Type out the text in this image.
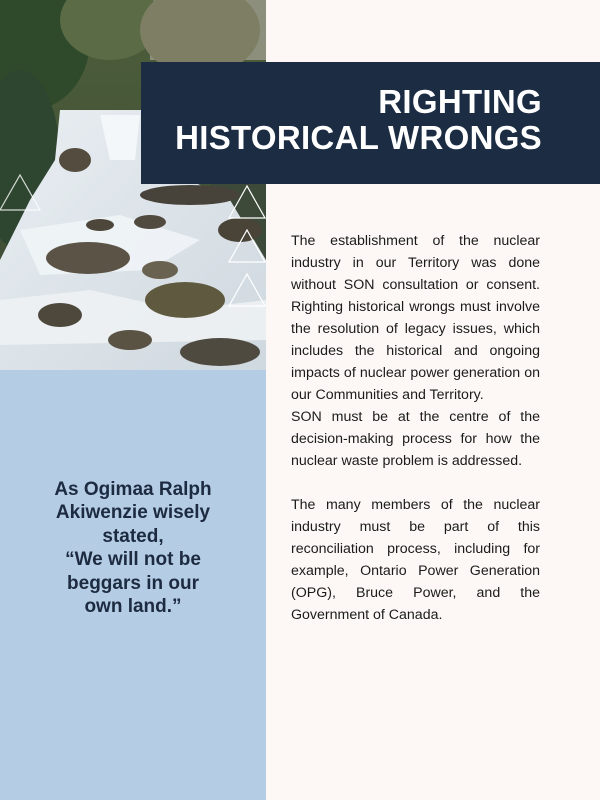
As Ogimaa Ralph

Akiwenzie wisely

stated,

“We will not be

beggars in our

own land.”

RIGHTING
HISTORICAL WRONGS

The establishment of the nuclear industry in our Territory was done without SON consultation or consent. Righting historical wrongs must involve the resolution of legacy issues, which includes the historical and ongoing impacts of nuclear power generation on our Communities and Territory.

SON must be at the centre of the decision-making process for how the nuclear waste problem is addressed.

The many members of the nuclear industry must be part of this reconciliation process, including for example, Ontario Power Generation (OPG), Bruce Power, and the Government of Canada.
